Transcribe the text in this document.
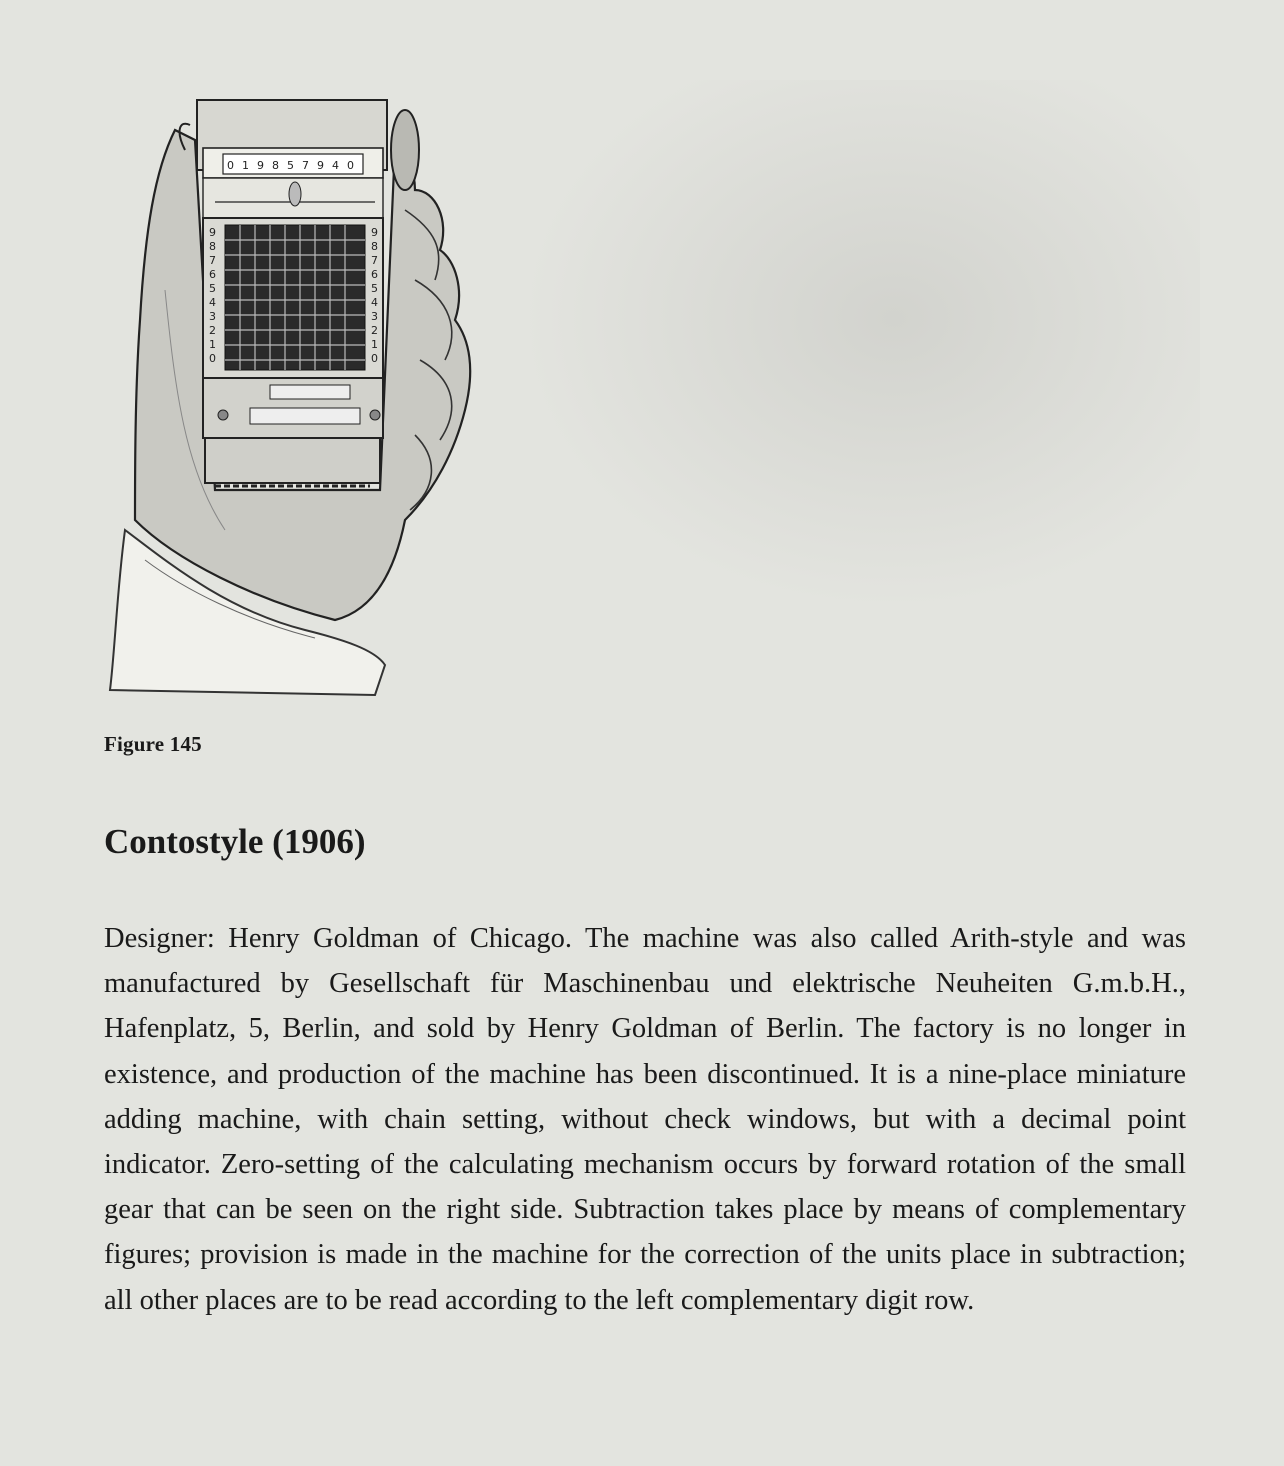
0 1 9 8 5 7 9 4 0
9
8
7
6
5
4
3
2
1
0
9
8
7
6
5
4
3
2
1
0
Figure 145
Contostyle (1906)

Designer: Henry Goldman of Chicago. The machine was also called Arith-style and was manufactured by Gesellschaft für Maschinenbau und elektrische Neuheiten G.m.b.H., Hafenplatz, 5, Berlin, and sold by Henry Goldman of Berlin. The factory is no longer in existence, and production of the machine has been discontinued. It is a nine-place miniature adding machine, with chain setting, without check windows, but with a decimal point indicator. Zero-setting of the calculating mechanism occurs by forward rotation of the small gear that can be seen on the right side. Subtraction takes place by means of complementary figures; provision is made in the machine for the correction of the units place in subtraction; all other places are to be read according to the left complementary digit row.
